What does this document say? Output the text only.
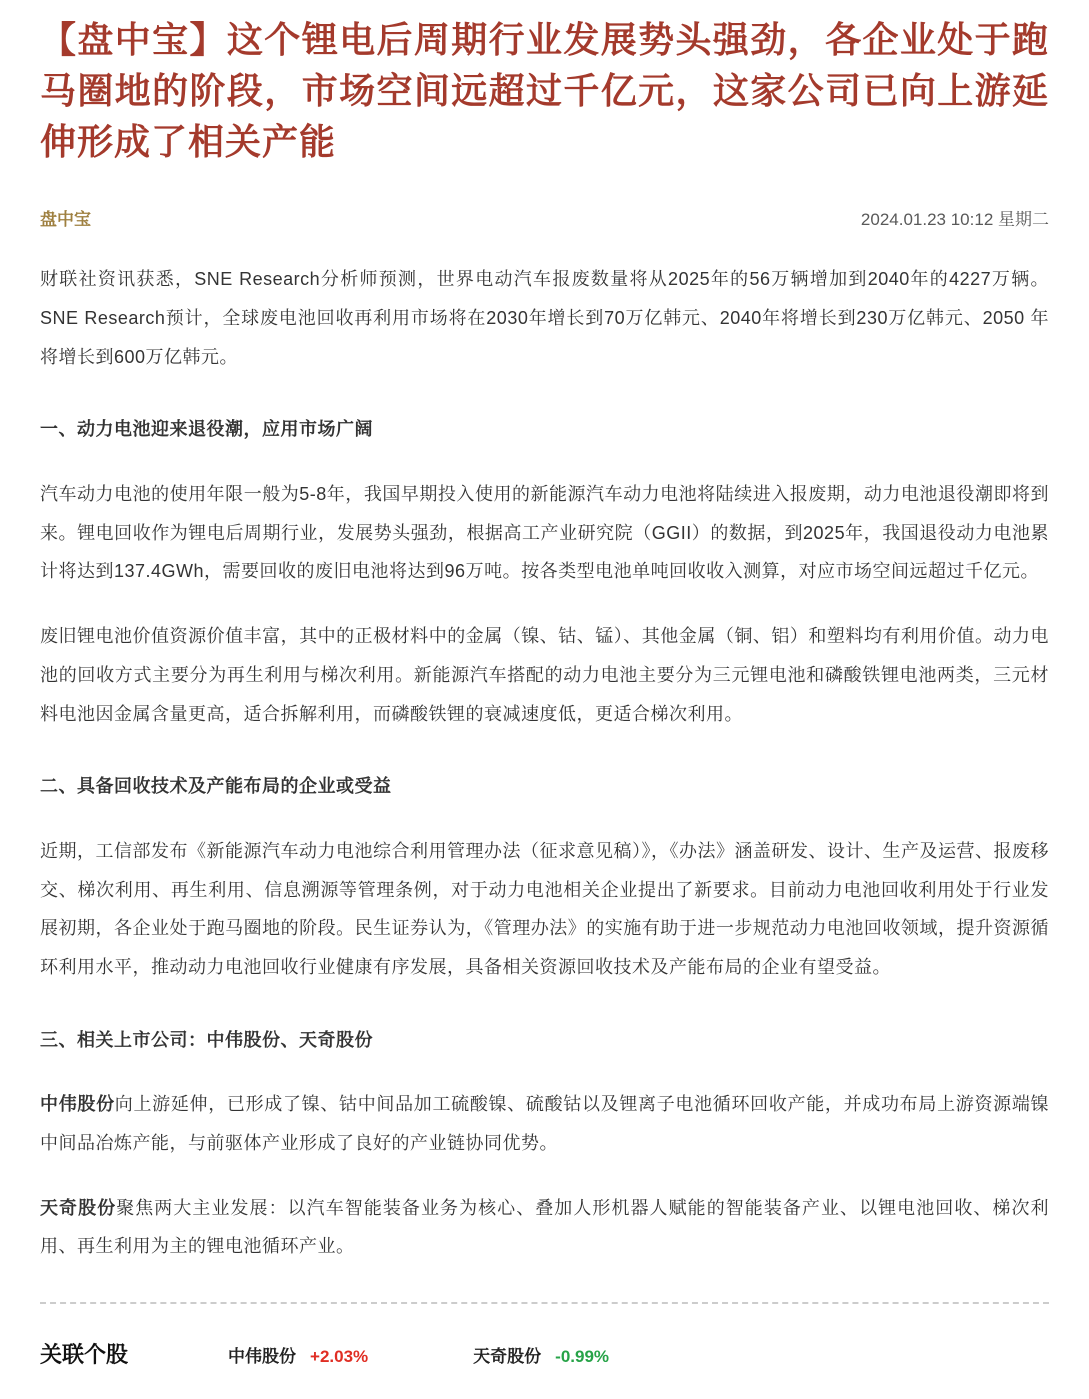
【盘中宝】这个锂电后周期行业发展势头强劲，各企业处于跑马圈地的阶段，市场空间远超过千亿元，这家公司已向上游延伸形成了相关产能
盘中宝	2024.01.23 10:12 星期二

财联社资讯获悉，SNE Research分析师预测，世界电动汽车报废数量将从2025年的56万辆增加到2040年的4227万辆。SNE Research预计，全球废电池回收再利用市场将在2030年增长到70万亿韩元、2040年将增长到230万亿韩元、2050 年将增长到600万亿韩元。

一、动力电池迎来退役潮，应用市场广阔

汽车动力电池的使用年限一般为5-8年，我国早期投入使用的新能源汽车动力电池将陆续进入报废期，动力电池退役潮即将到来。锂电回收作为锂电后周期行业，发展势头强劲，根据高工产业研究院（GGII）的数据，到2025年，我国退役动力电池累计将达到137.4GWh，需要回收的废旧电池将达到96万吨。按各类型电池单吨回收收入测算，对应市场空间远超过千亿元。

废旧锂电池价值资源价值丰富，其中的正极材料中的金属（镍、钴、锰）、其他金属（铜、铝）和塑料均有利用价值。动力电池的回收方式主要分为再生利用与梯次利用。新能源汽车搭配的动力电池主要分为三元锂电池和磷酸铁锂电池两类，三元材料电池因金属含量更高，适合拆解利用，而磷酸铁锂的衰减速度低，更适合梯次利用。

二、具备回收技术及产能布局的企业或受益

近期，工信部发布《新能源汽车动力电池综合利用管理办法（征求意见稿）》，《办法》涵盖研发、设计、生产及运营、报废移交、梯次利用、再生利用、信息溯源等管理条例，对于动力电池相关企业提出了新要求。目前动力电池回收利用处于行业发展初期，各企业处于跑马圈地的阶段。民生证券认为，《管理办法》的实施有助于进一步规范动力电池回收领域，提升资源循环利用水平，推动动力电池回收行业健康有序发展，具备相关资源回收技术及产能布局的企业有望受益。

三、相关上市公司：中伟股份、天奇股份

中伟股份向上游延伸，已形成了镍、钴中间品加工硫酸镍、硫酸钴以及锂离子电池循环回收产能，并成功布局上游资源端镍中间品冶炼产能，与前驱体产业形成了良好的产业链协同优势。

天奇股份聚焦两大主业发展：以汽车智能装备业务为核心、叠加人形机器人赋能的智能装备产业、以锂电池回收、梯次利用、再生利用为主的锂电池循环产业。

关联个股	中伟股份 +2.03%	天奇股份 -0.99%
